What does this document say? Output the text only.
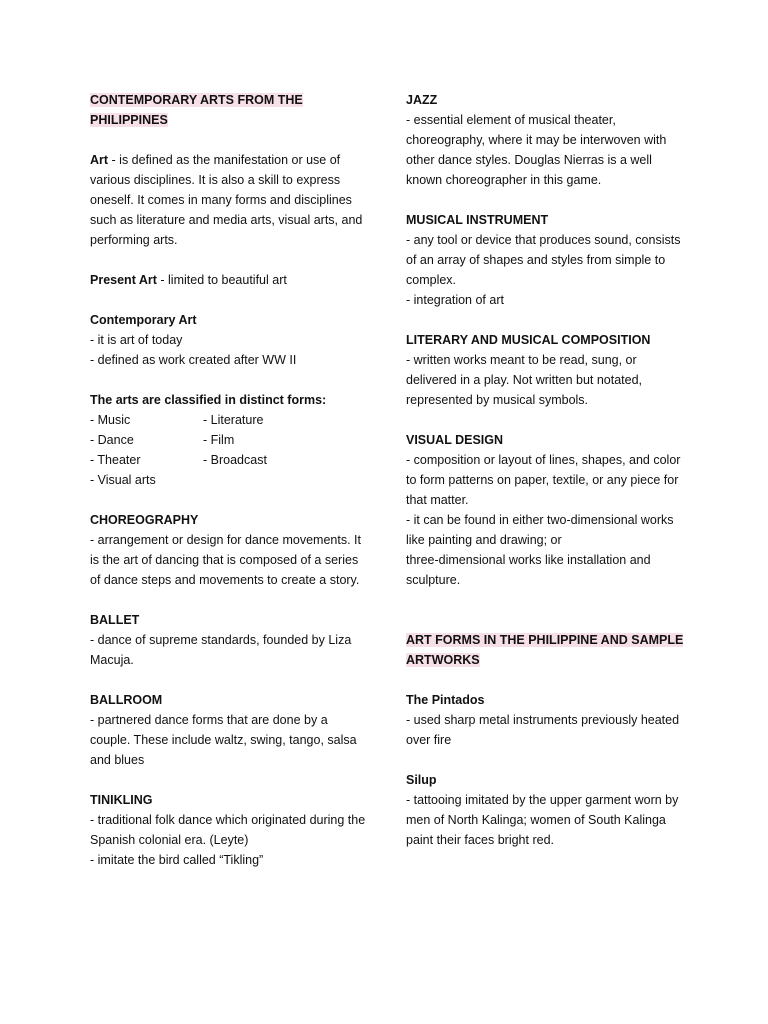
CONTEMPORARY ARTS FROM THE PHILIPPINES
Art - is defined as the manifestation or use of various disciplines. It is also a skill to express oneself. It comes in many forms and disciplines such as literature and media arts, visual arts, and performing arts.
Present Art - limited to beautiful art
Contemporary Art
- it is art of today
- defined as work created after WW II
The arts are classified in distinct forms:
- Music	- Literature
- Dance	- Film
- Theater	- Broadcast
- Visual arts
CHOREOGRAPHY
- arrangement or design for dance movements. It is the art of dancing that is composed of a series of dance steps and movements to create a story.
BALLET
- dance of supreme standards, founded by Liza Macuja.
BALLROOM
- partnered dance forms that are done by a couple. These include waltz, swing, tango, salsa and blues
TINIKLING
- traditional folk dance which originated during the Spanish colonial era. (Leyte)
- imitate the bird called “Tikling”
JAZZ
- essential element of musical theater, choreography, where it may be interwoven with other dance styles. Douglas Nierras is a well known choreographer in this game.
MUSICAL INSTRUMENT
- any tool or device that produces sound, consists of an array of shapes and styles from simple to complex.
- integration of art
LITERARY AND MUSICAL COMPOSITION
- written works meant to be read, sung, or delivered in a play. Not written but notated, represented by musical symbols.
VISUAL DESIGN
- composition or layout of lines, shapes, and color to form patterns on paper, textile, or any piece for that matter.
- it can be found in either two-dimensional works like painting and drawing; or
three-dimensional works like installation and sculpture.
ART FORMS IN THE PHILIPPINE AND SAMPLE ARTWORKS
The Pintados
- used sharp metal instruments previously heated over fire
Silup
- tattooing imitated by the upper garment worn by men of North Kalinga; women of South Kalinga paint their faces bright red.
